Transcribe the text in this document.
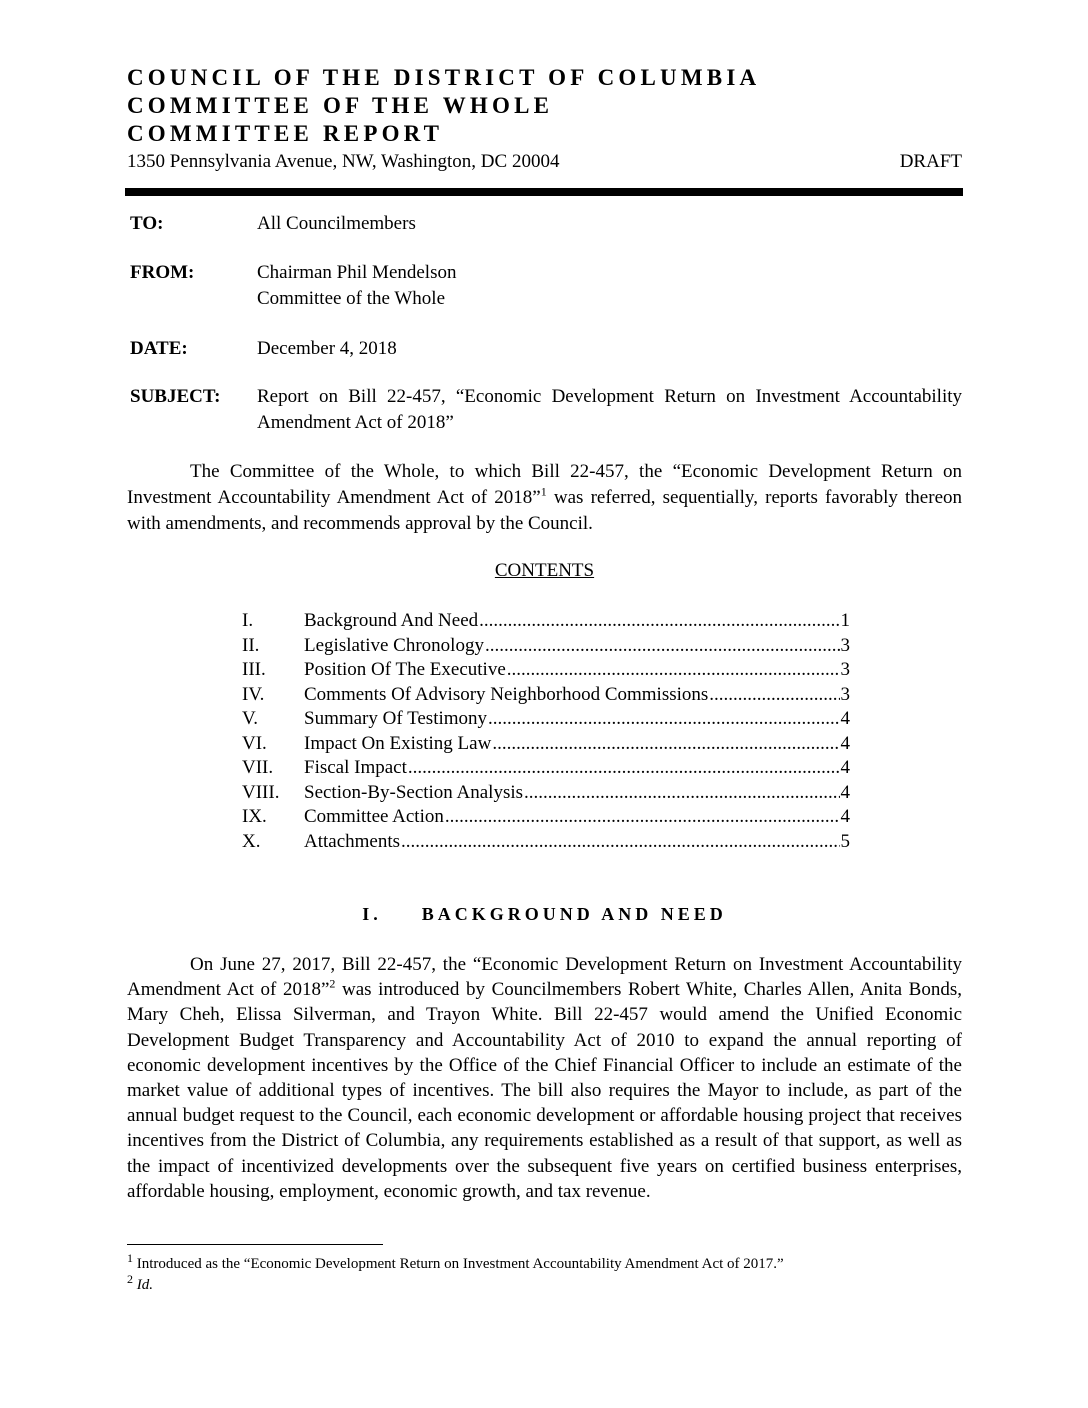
COUNCIL OF THE DISTRICT OF COLUMBIA
COMMITTEE OF THE WHOLE
COMMITTEE REPORT
1350 Pennsylvania Avenue, NW, Washington, DC 20004	DRAFT
TO:	All Councilmembers
FROM:	Chairman Phil Mendelson
Committee of the Whole
DATE:	December 4, 2018
SUBJECT:	Report on Bill 22-457, “Economic Development Return on Investment Accountability Amendment Act of 2018”
The Committee of the Whole, to which Bill 22-457, the “Economic Development Return on Investment Accountability Amendment Act of 2018”$^1$ was referred, sequentially, reports favorably thereon with amendments, and recommends approval by the Council.
CONTENTS
I.	Background And Need .....	1
II.	Legislative Chronology .....	3
III.	Position Of The Executive .....	3
IV.	Comments Of Advisory Neighborhood Commissions .....	3
V.	Summary Of Testimony .....	4
VI.	Impact On Existing Law .....	4
VII.	Fiscal Impact .....	4
VIII.	Section-By-Section Analysis .....	4
IX.	Committee Action .....	4
X.	Attachments .....	5
I. BACKGROUND AND NEED
On June 27, 2017, Bill 22-457, the “Economic Development Return on Investment Accountability Amendment Act of 2018”$^2$ was introduced by Councilmembers Robert White, Charles Allen, Anita Bonds, Mary Cheh, Elissa Silverman, and Trayon White. Bill 22-457 would amend the Unified Economic Development Budget Transparency and Accountability Act of 2010 to expand the annual reporting of economic development incentives by the Office of the Chief Financial Officer to include an estimate of the market value of additional types of incentives. The bill also requires the Mayor to include, as part of the annual budget request to the Council, each economic development or affordable housing project that receives incentives from the District of Columbia, any requirements established as a result of that support, as well as the impact of incentivized developments over the subsequent five years on certified business enterprises, affordable housing, employment, economic growth, and tax revenue.
$^1$ Introduced as the “Economic Development Return on Investment Accountability Amendment Act of 2017.”
$^2$ Id.
